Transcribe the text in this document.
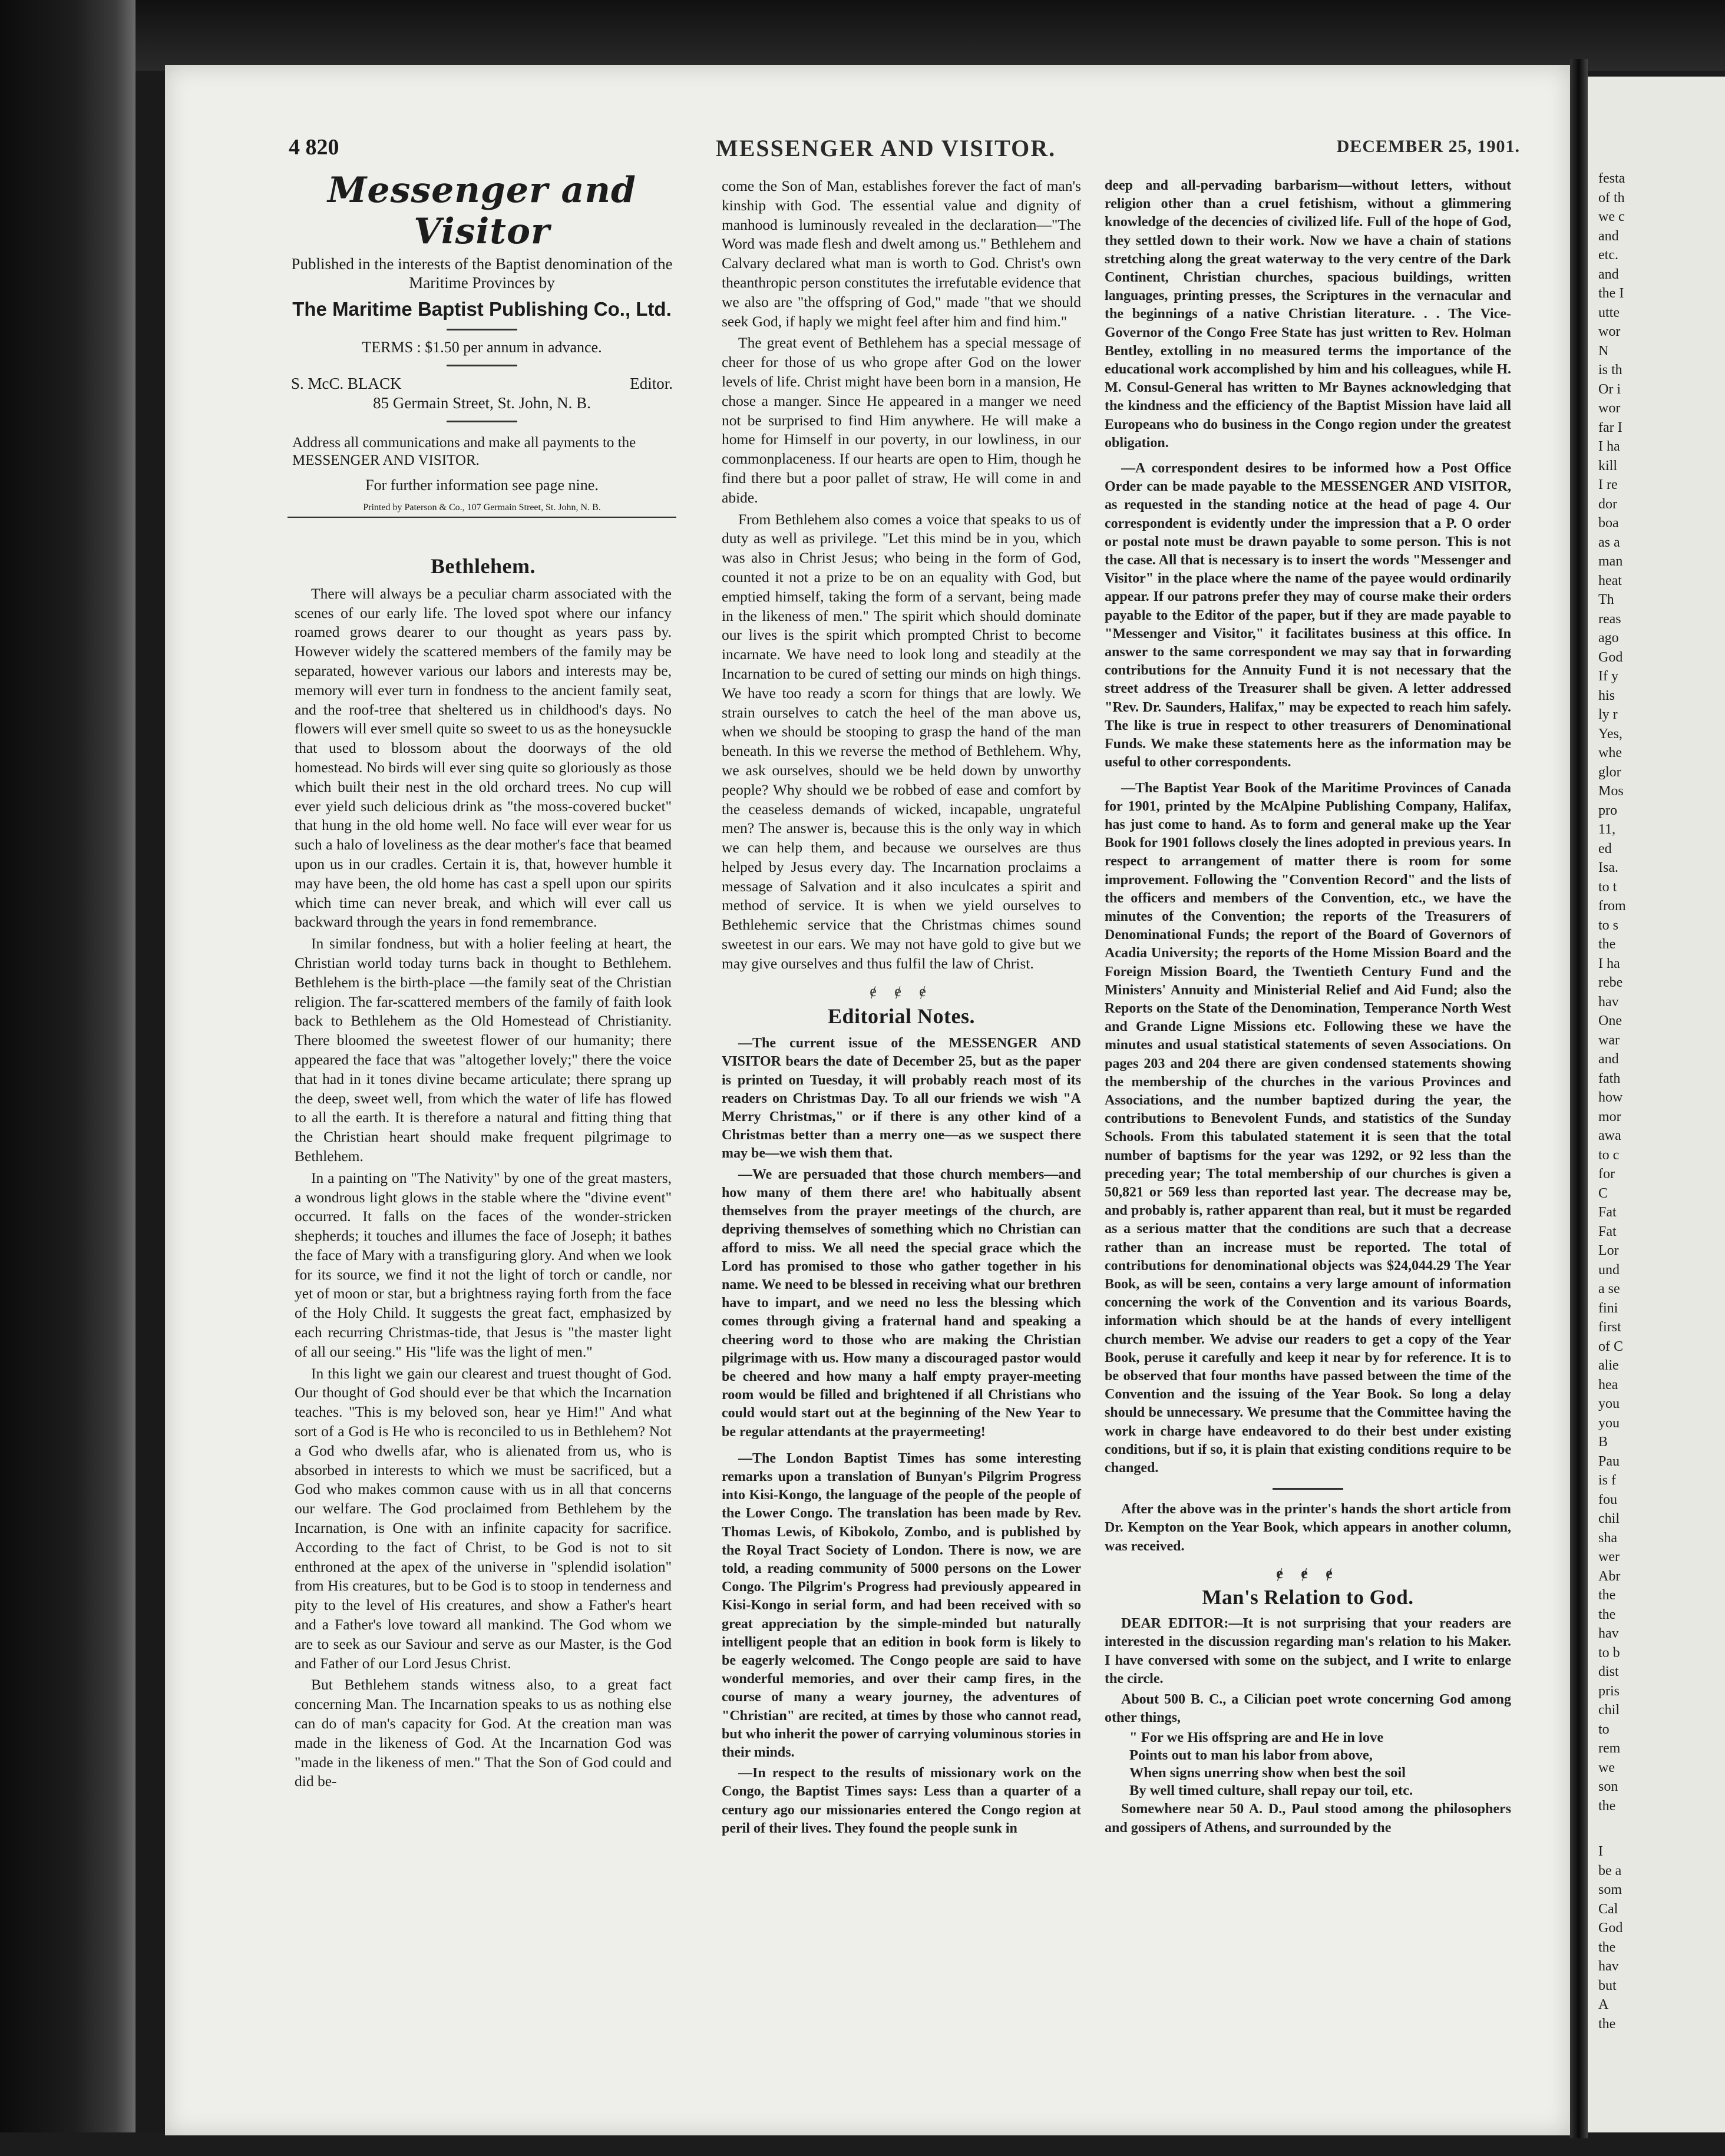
festa
of th
we c
and
etc.
and
the I
utte
wor
N
is th
Or i
wor
far I
I ha
kill
I re
dor
boa
as a
man
heat
Th
reas
ago
God
If y
his
ly r
Yes,
whe
glor
Mos
pro
11,
ed
Isa.
to t
from
to s
the
I ha
rebe
hav
One
war
and
fath
how
mor
awa
to c
for
C
Fat
Fat
Lor
und
a se
fini
first
of C
alie
hea
you
you
B
Pau
is f
fou
chil
sha
wer
Abr
the
the
hav
to b
dist
pris
chil
to
rem
we
son
the
I
be a
som
Cal
God
the
hav
but
A
the
4 820	MESSENGER AND VISITOR.	DECEMBER 25, 1901.
Messenger and Visitor
Published in the interests of the Baptist denomination of the Maritime Provinces by
The Maritime Baptist Publishing Co., Ltd.
TERMS : $1.50 per annum in advance.
S. McC. BLACK	Editor.
85 Germain Street, St. John, N. B.
Address all communications and make all payments to the MESSENGER AND VISITOR.
For further information see page nine.
Printed by Paterson & Co., 107 Germain Street, St. John, N. B.
Bethlehem.

There will always be a peculiar charm associated with the scenes of our early life. The loved spot where our infancy roamed grows dearer to our thought as years pass by. However widely the scattered members of the family may be separated, however various our labors and interests may be, memory will ever turn in fondness to the ancient family seat, and the roof-tree that sheltered us in childhood's days. No flowers will ever smell quite so sweet to us as the honeysuckle that used to blossom about the doorways of the old homestead. No birds will ever sing quite so gloriously as those which built their nest in the old orchard trees. No cup will ever yield such delicious drink as "the moss-covered bucket" that hung in the old home well. No face will ever wear for us such a halo of loveliness as the dear mother's face that beamed upon us in our cradles. Certain it is, that, however humble it may have been, the old home has cast a spell upon our spirits which time can never break, and which will ever call us backward through the years in fond remembrance.

In similar fondness, but with a holier feeling at heart, the Christian world today turns back in thought to Bethlehem. Bethlehem is the birth-place —the family seat of the Christian religion. The far-scattered members of the family of faith look back to Bethlehem as the Old Homestead of Christianity. There bloomed the sweetest flower of our humanity; there appeared the face that was "altogether lovely;" there the voice that had in it tones divine became articulate; there sprang up the deep, sweet well, from which the water of life has flowed to all the earth. It is therefore a natural and fitting thing that the Christian heart should make frequent pilgrimage to Bethlehem.

In a painting on "The Nativity" by one of the great masters, a wondrous light glows in the stable where the "divine event" occurred. It falls on the faces of the wonder-stricken shepherds; it touches and illumes the face of Joseph; it bathes the face of Mary with a transfiguring glory. And when we look for its source, we find it not the light of torch or candle, nor yet of moon or star, but a brightness raying forth from the face of the Holy Child. It suggests the great fact, emphasized by each recurring Christmas-tide, that Jesus is "the master light of all our seeing." His "life was the light of men."

In this light we gain our clearest and truest thought of God. Our thought of God should ever be that which the Incarnation teaches. "This is my beloved son, hear ye Him!" And what sort of a God is He who is reconciled to us in Bethlehem? Not a God who dwells afar, who is alienated from us, who is absorbed in interests to which we must be sacrificed, but a God who makes common cause with us in all that concerns our welfare. The God proclaimed from Bethlehem by the Incarnation, is One with an infinite capacity for sacrifice. According to the fact of Christ, to be God is not to sit enthroned at the apex of the universe in "splendid isolation" from His creatures, but to be God is to stoop in tenderness and pity to the level of His creatures, and show a Father's heart and a Father's love toward all mankind. The God whom we are to seek as our Saviour and serve as our Master, is the God and Father of our Lord Jesus Christ.

But Bethlehem stands witness also, to a great fact concerning Man. The Incarnation speaks to us as nothing else can do of man's capacity for God. At the creation man was made in the likeness of God. At the Incarnation God was "made in the likeness of men." That the Son of God could and did be-

come the Son of Man, establishes forever the fact of man's kinship with God. The essential value and dignity of manhood is luminously revealed in the declaration—"The Word was made flesh and dwelt among us." Bethlehem and Calvary declared what man is worth to God. Christ's own theanthropic person constitutes the irrefutable evidence that we also are "the offspring of God," made "that we should seek God, if haply we might feel after him and find him."

The great event of Bethlehem has a special message of cheer for those of us who grope after God on the lower levels of life. Christ might have been born in a mansion, He chose a manger. Since He appeared in a manger we need not be surprised to find Him anywhere. He will make a home for Himself in our poverty, in our lowliness, in our commonplaceness. If our hearts are open to Him, though he find there but a poor pallet of straw, He will come in and abide.

From Bethlehem also comes a voice that speaks to us of duty as well as privilege. "Let this mind be in you, which was also in Christ Jesus; who being in the form of God, counted it not a prize to be on an equality with God, but emptied himself, taking the form of a servant, being made in the likeness of men." The spirit which should dominate our lives is the spirit which prompted Christ to become incarnate. We have need to look long and steadily at the Incarnation to be cured of setting our minds on high things. We have too ready a scorn for things that are lowly. We strain ourselves to catch the heel of the man above us, when we should be stooping to grasp the hand of the man beneath. In this we reverse the method of Bethlehem. Why, we ask ourselves, should we be held down by unworthy people? Why should we be robbed of ease and comfort by the ceaseless demands of wicked, incapable, ungrateful men? The answer is, because this is the only way in which we can help them, and because we ourselves are thus helped by Jesus every day. The Incarnation proclaims a message of Salvation and it also inculcates a spirit and method of service. It is when we yield ourselves to Bethlehemic service that the Christmas chimes sound sweetest in our ears. We may not have gold to give but we may give ourselves and thus fulfil the law of Christ.

ɇ ɇ ɇ
Editorial Notes.

—The current issue of the MESSENGER AND VISITOR bears the date of December 25, but as the paper is printed on Tuesday, it will probably reach most of its readers on Christmas Day. To all our friends we wish "A Merry Christmas," or if there is any other kind of a Christmas better than a merry one—as we suspect there may be—we wish them that.

—We are persuaded that those church members—and how many of them there are! who habitually absent themselves from the prayer meetings of the church, are depriving themselves of something which no Christian can afford to miss. We all need the special grace which the Lord has promised to those who gather together in his name. We need to be blessed in receiving what our brethren have to impart, and we need no less the blessing which comes through giving a fraternal hand and speaking a cheering word to those who are making the Christian pilgrimage with us. How many a discouraged pastor would be cheered and how many a half empty prayer-meeting room would be filled and brightened if all Christians who could would start out at the beginning of the New Year to be regular attendants at the prayermeeting!

—The London Baptist Times has some interesting remarks upon a translation of Bunyan's Pilgrim Progress into Kisi-Kongo, the language of the people of the people of the Lower Congo. The translation has been made by Rev. Thomas Lewis, of Kibokolo, Zombo, and is published by the Royal Tract Society of London. There is now, we are told, a reading community of 5000 persons on the Lower Congo. The Pilgrim's Progress had previously appeared in Kisi-Kongo in serial form, and had been received with so great appreciation by the simple-minded but naturally intelligent people that an edition in book form is likely to be eagerly welcomed. The Congo people are said to have wonderful memories, and over their camp fires, in the course of many a weary journey, the adventures of "Christian" are recited, at times by those who cannot read, but who inherit the power of carrying voluminous stories in their minds.

—In respect to the results of missionary work on the Congo, the Baptist Times says: Less than a quarter of a century ago our missionaries entered the Congo region at peril of their lives. They found the people sunk in

deep and all-pervading barbarism—without letters, without religion other than a cruel fetishism, without a glimmering knowledge of the decencies of civilized life. Full of the hope of God, they settled down to their work. Now we have a chain of stations stretching along the great waterway to the very centre of the Dark Continent, Christian churches, spacious buildings, written languages, printing presses, the Scriptures in the vernacular and the beginnings of a native Christian literature. . . The Vice-Governor of the Congo Free State has just written to Rev. Holman Bentley, extolling in no measured terms the importance of the educational work accomplished by him and his colleagues, while H. M. Consul-General has written to Mr Baynes acknowledging that the kindness and the efficiency of the Baptist Mission have laid all Europeans who do business in the Congo region under the greatest obligation.

—A correspondent desires to be informed how a Post Office Order can be made payable to the MESSENGER AND VISITOR, as requested in the standing notice at the head of page 4. Our correspondent is evidently under the impression that a P. O order or postal note must be drawn payable to some person. This is not the case. All that is necessary is to insert the words "Messenger and Visitor" in the place where the name of the payee would ordinarily appear. If our patrons prefer they may of course make their orders payable to the Editor of the paper, but if they are made payable to "Messenger and Visitor," it facilitates business at this office. In answer to the same correspondent we may say that in forwarding contributions for the Annuity Fund it is not necessary that the street address of the Treasurer shall be given. A letter addressed "Rev. Dr. Saunders, Halifax," may be expected to reach him safely. The like is true in respect to other treasurers of Denominational Funds. We make these statements here as the information may be useful to other correspondents.

—The Baptist Year Book of the Maritime Provinces of Canada for 1901, printed by the McAlpine Publishing Company, Halifax, has just come to hand. As to form and general make up the Year Book for 1901 follows closely the lines adopted in previous years. In respect to arrangement of matter there is room for some improvement. Following the "Convention Record" and the lists of the officers and members of the Convention, etc., we have the minutes of the Convention; the reports of the Treasurers of Denominational Funds; the report of the Board of Governors of Acadia University; the reports of the Home Mission Board and the Foreign Mission Board, the Twentieth Century Fund and the Ministers' Annuity and Ministerial Relief and Aid Fund; also the Reports on the State of the Denomination, Temperance North West and Grande Ligne Missions etc. Following these we have the minutes and usual statistical statements of seven Associations. On pages 203 and 204 there are given condensed statements showing the membership of the churches in the various Provinces and Associations, and the number baptized during the year, the contributions to Benevolent Funds, and statistics of the Sunday Schools. From this tabulated statement it is seen that the total number of baptisms for the year was 1292, or 92 less than the preceding year; The total membership of our churches is given a 50,821 or 569 less than reported last year. The decrease may be, and probably is, rather apparent than real, but it must be regarded as a serious matter that the conditions are such that a decrease rather than an increase must be reported. The total of contributions for denominational objects was $24,044.29 The Year Book, as will be seen, contains a very large amount of information concerning the work of the Convention and its various Boards, information which should be at the hands of every intelligent church member. We advise our readers to get a copy of the Year Book, peruse it carefully and keep it near by for reference. It is to be observed that four months have passed between the time of the Convention and the issuing of the Year Book. So long a delay should be unnecessary. We presume that the Committee having the work in charge have endeavored to do their best under existing conditions, but if so, it is plain that existing conditions require to be changed.

After the above was in the printer's hands the short article from Dr. Kempton on the Year Book, which appears in another column, was received.

ɇ ɇ ɇ
Man's Relation to God.

DEAR EDITOR:—It is not surprising that your readers are interested in the discussion regarding man's relation to his Maker. I have conversed with some on the subject, and I write to enlarge the circle.

About 500 B. C., a Cilician poet wrote concerning God among other things,

" For we His offspring are and He in love
Points out to man his labor from above,
When signs unerring show when best the soil
By well timed culture, shall repay our toil, etc.

Somewhere near 50 A. D., Paul stood among the philosophers and gossipers of Athens, and surrounded by the
